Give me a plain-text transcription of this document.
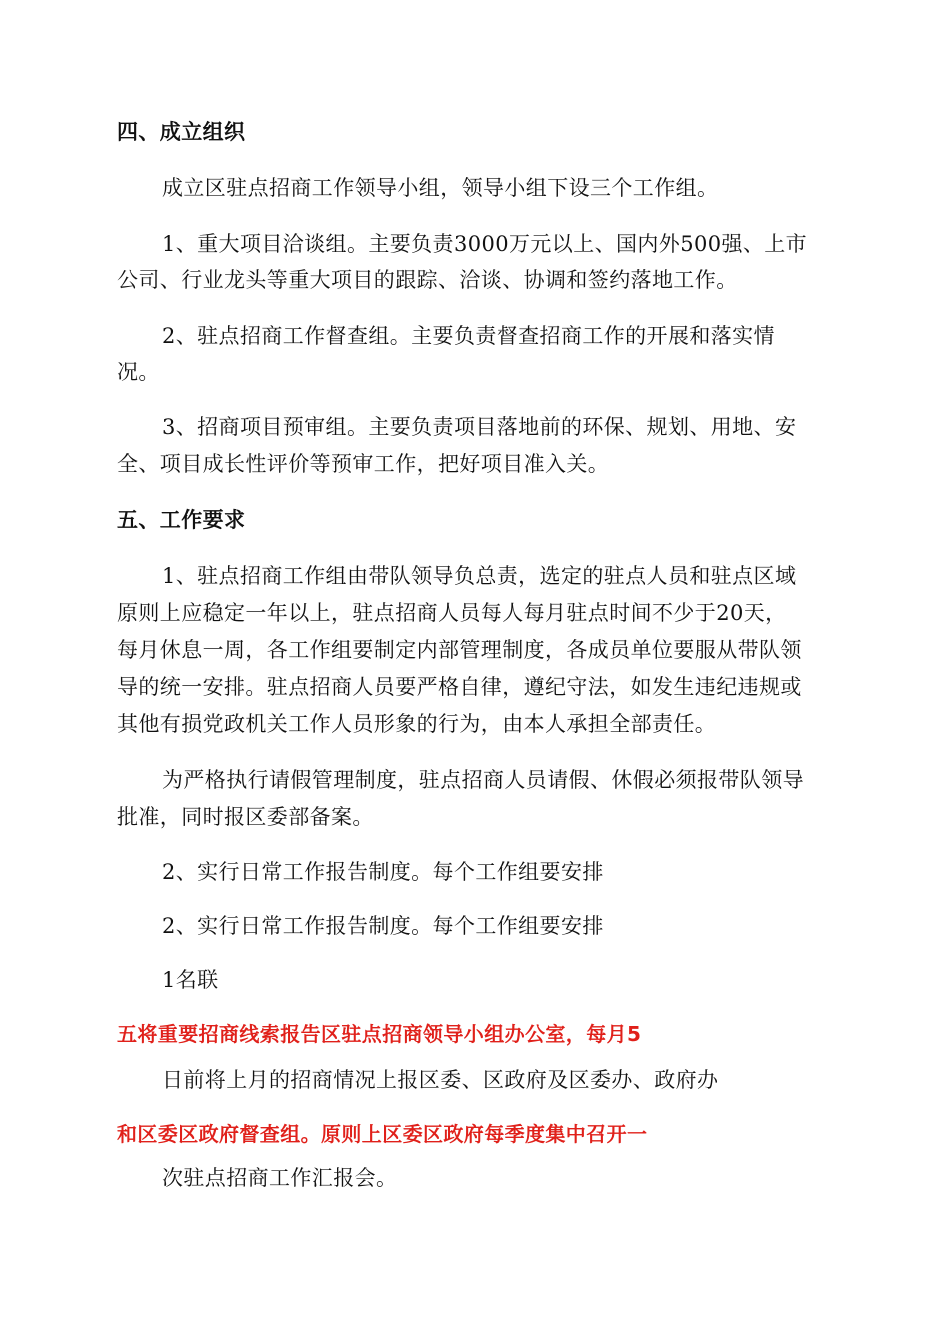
四、成立组织
成立区驻点招商工作领导小组，领导小组下设三个工作组。
1、重大项目洽谈组。主要负责3000万元以上、国内外500强、上市
公司、行业龙头等重大项目的跟踪、洽谈、协调和签约落地工作。
2、驻点招商工作督查组。主要负责督查招商工作的开展和落实情
况。
3、招商项目预审组。主要负责项目落地前的环保、规划、用地、安
全、项目成长性评价等预审工作，把好项目准入关。
五、工作要求
1、驻点招商工作组由带队领导负总责，选定的驻点人员和驻点区域
原则上应稳定一年以上，驻点招商人员每人每月驻点时间不少于20天，
每月休息一周，各工作组要制定内部管理制度，各成员单位要服从带队领
导的统一安排。驻点招商人员要严格自律，遵纪守法，如发生违纪违规或
其他有损党政机关工作人员形象的行为，由本人承担全部责任。
为严格执行请假管理制度，驻点招商人员请假、休假必须报带队领导
批准，同时报区委部备案。
2、实行日常工作报告制度。每个工作组要安排
2、实行日常工作报告制度。每个工作组要安排
1名联
五将重要招商线索报告区驻点招商领导小组办公室，每月5
日前将上月的招商情况上报区委、区政府及区委办、政府办
和区委区政府督查组。原则上区委区政府每季度集中召开一
次驻点招商工作汇报会。
